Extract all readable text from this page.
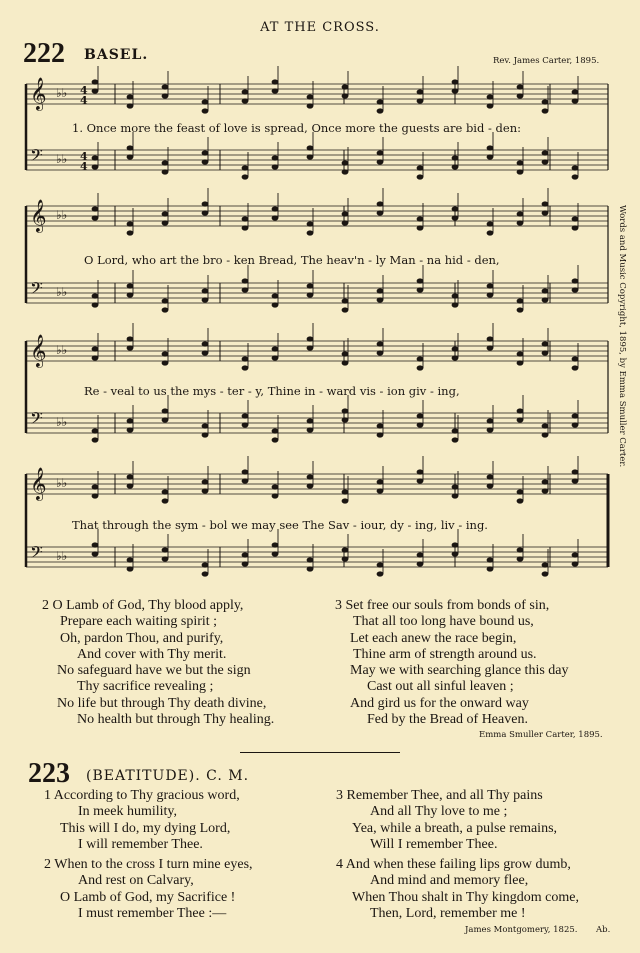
AT THE CROSS.
222 BASEL.	Rev. James Carter, 1895.
𝄞 ♭♭ 4
4
𝄢 ♭♭ 4
4
𝄞 ♭♭
𝄢 ♭♭
𝄞 ♭♭
𝄢 ♭♭
𝄞 ♭♭
𝄢 ♭♭
1. Once more the feast of love is spread, Once more the guests are bid - den:
O Lord, who art the bro - ken Bread, The heav'n - ly Man - na hid - den,
Re - veal to us the mys - ter - y, Thine in - ward vis - ion giv - ing,
That through the sym - bol we may see The Sav - iour, dy - ing, liv - ing.
Words and Music Copyright, 1895, by Emma Smuller Carter.
2 O Lamb of God, Thy blood apply,
Prepare each waiting spirit ;
Oh, pardon Thou, and purify,
And cover with Thy merit.
No safeguard have we but the sign
Thy sacrifice revealing ;
No life but through Thy death divine,
No health but through Thy healing.
3 Set free our souls from bonds of sin,
That all too long have bound us,
Let each anew the race begin,
Thine arm of strength around us.
May we with searching glance this day
Cast out all sinful leaven ;
And gird us for the onward way
Fed by the Bread of Heaven.
Emma Smuller Carter, 1895.
223 (BEATITUDE). C. M.
1 According to Thy gracious word,
In meek humility,
This will I do, my dying Lord,
I will remember Thee.
2 When to the cross I turn mine eyes,
And rest on Calvary,
O Lamb of God, my Sacrifice !
I must remember Thee :—
3 Remember Thee, and all Thy pains
And all Thy love to me ;
Yea, while a breath, a pulse remains,
Will I remember Thee.
4 And when these failing lips grow dumb,
And mind and memory flee,
When Thou shalt in Thy kingdom come,
Then, Lord, remember me !
James Montgomery, 1825. Ab.
